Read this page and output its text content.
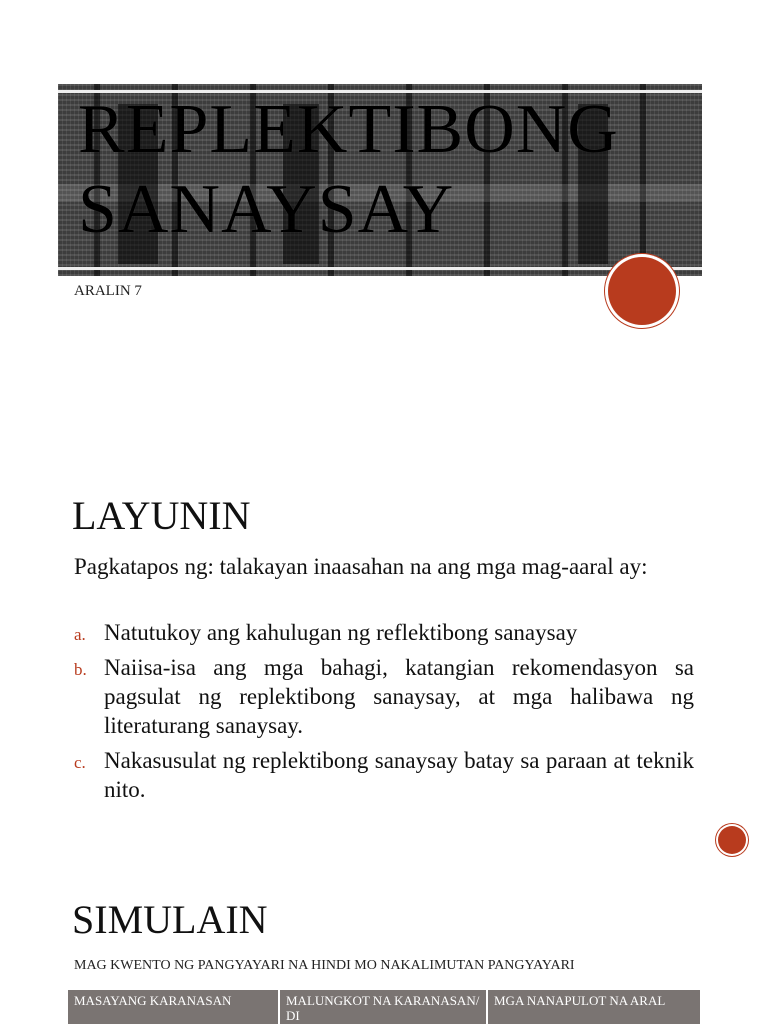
REPLEKTIBONG
SANAYSAY
ARALIN 7
LAYUNIN

Pagkatapos ng: talakayan inaasahan na ang mga mag-aaral ay:

a. Natutukoy ang kahulugan ng reflektibong sanaysay
b. Naiisa-isa ang mga bahagi, katangian rekomendasyon sa pagsulat ng replektibong sanaysay, at mga halibawa ng literaturang sanaysay.
c. Nakasusulat ng replektibong sanaysay batay sa paraan at teknik nito.
SIMULAIN
MAG KWENTO NG PANGYAYARI NA HINDI MO NAKALIMUTAN PANGYAYARI
MASAYANG KARANASAN	MALUNGKOT NA KARANASAN/ DI
MGA NANAPULOT NA ARAL
